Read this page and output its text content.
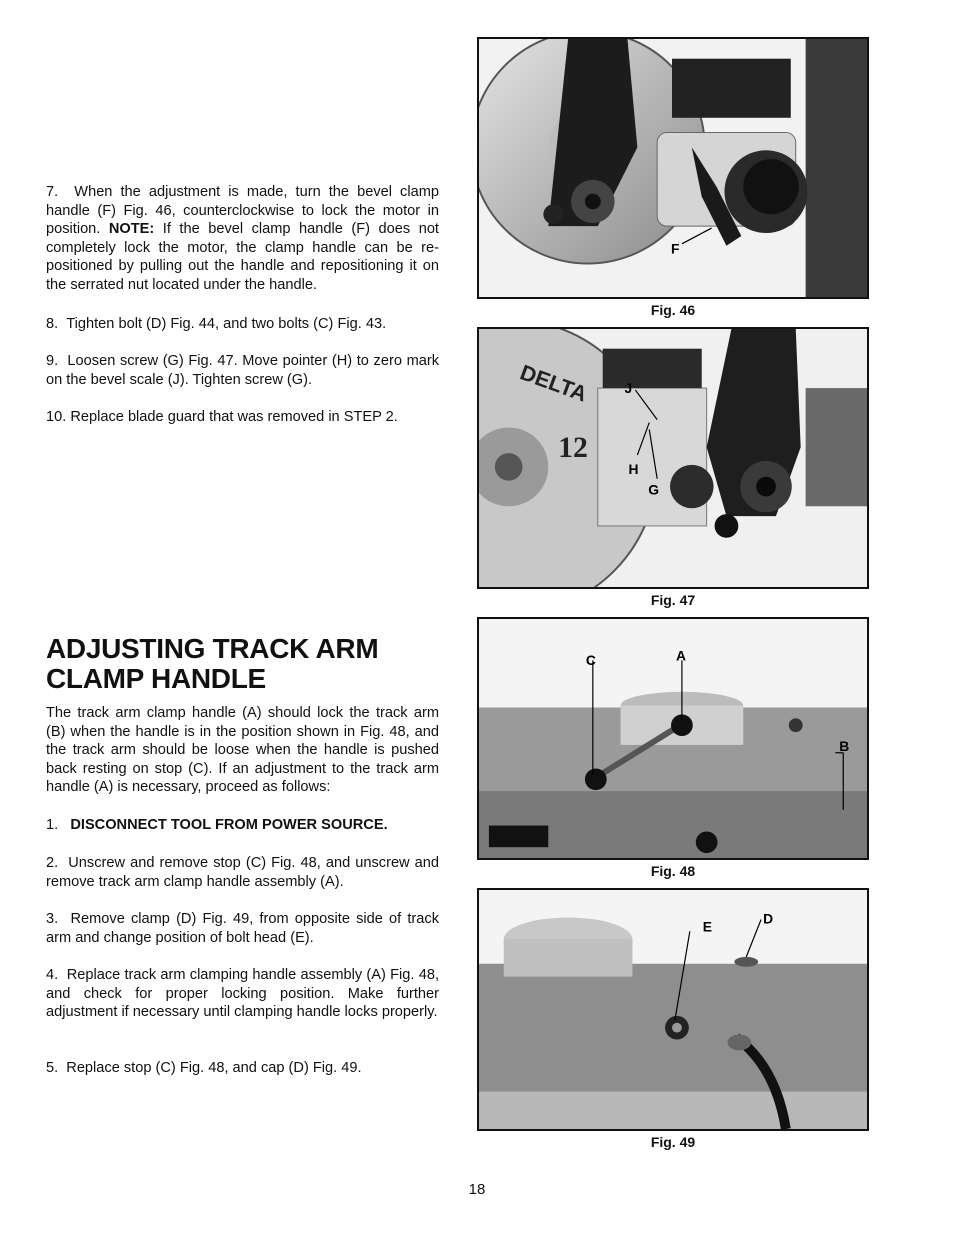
7.  When the adjustment is made, turn the bevel clamp handle (F) Fig. 46, counterclockwise to lock the motor in position. NOTE: If the bevel clamp handle (F) does not completely lock the motor, the clamp handle can be re-positioned by pulling out the handle and repositioning it on the serrated nut located under the handle.

8.  Tighten bolt (D) Fig. 44, and two bolts (C) Fig. 43.

9.  Loosen screw (G) Fig. 47. Move pointer (H) to zero mark on the bevel scale (J). Tighten screw (G).

10. Replace blade guard that was removed in STEP 2.

ADJUSTING TRACK ARM
CLAMP HANDLE

The track arm clamp handle (A) should lock the track arm (B) when the handle is in the position shown in Fig. 48, and the track arm should be loose when the handle is pushed back resting on stop (C). If an adjustment to the track arm handle (A) is necessary, proceed as follows:

1. DISCONNECT TOOL FROM POWER SOURCE.

2.  Unscrew and remove stop (C) Fig. 48, and unscrew and remove track arm clamp handle assembly (A).

3.  Remove clamp (D) Fig. 49, from opposite side of track arm and change position of bolt head (E).

4.  Replace track arm clamping handle assembly (A) Fig. 48, and check for proper locking position. Make further adjustment if necessary until clamping handle locks properly.

5.  Replace stop (C) Fig. 48, and cap (D) Fig. 49.

F

Fig. 46

DELTA
12
J
H
G

Fig. 47

C	A
B

Fig. 48

E	D

Fig. 49

18
